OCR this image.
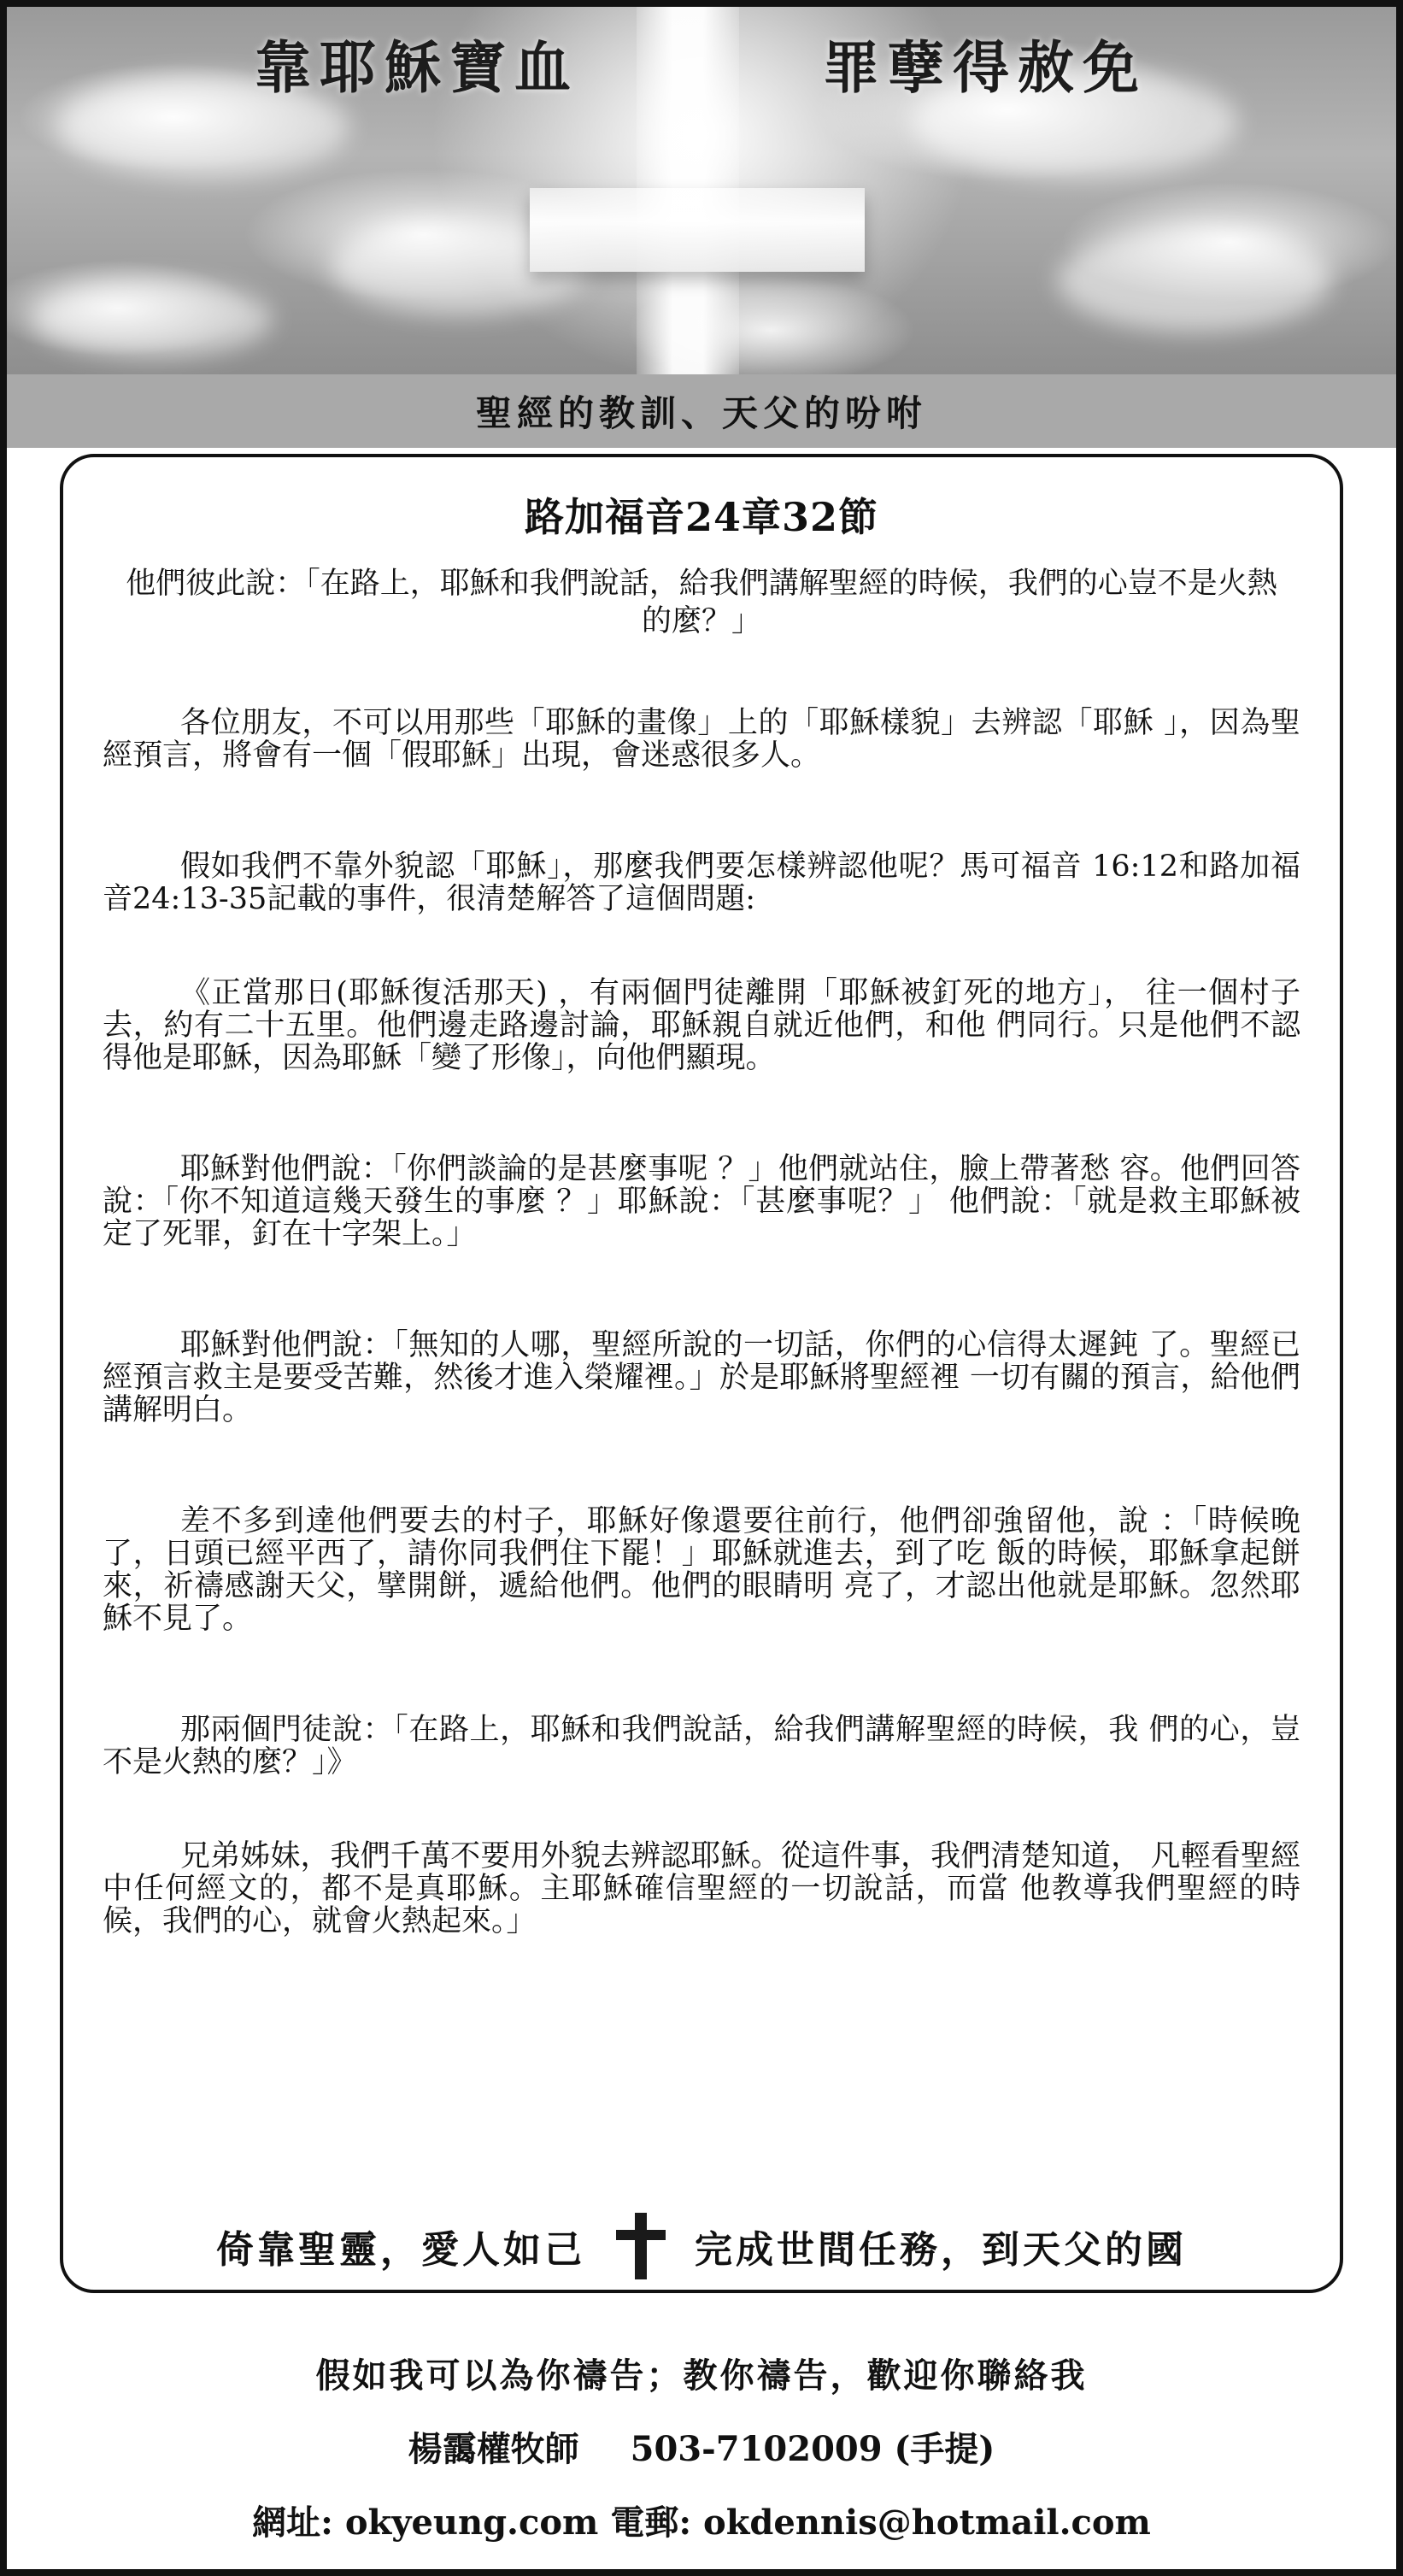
靠耶穌寶血	罪孽得赦免
聖經的教訓、天父的吩咐
路加福音24章32節
他們彼此說：「在路上，耶穌和我們說話，給我們講解聖經的時候，我們的心豈不是火熱的麼？」

各位朋友，不可以用那些「耶穌的畫像」上的「耶穌樣貌」去辨認「耶穌 」，因為聖經預言，將會有一個「假耶穌」出現，會迷惑很多人。

假如我們不靠外貌認「耶穌」，那麼我們要怎樣辨認他呢？馬可福音 16:12和路加福音24:13-35記載的事件，很清楚解答了這個問題:

《正當那日(耶穌復活那天) ，有兩個門徒離開「耶穌被釘死的地方」， 往一個村子去，約有二十五里。他們邊走路邊討論，耶穌親自就近他們，和他 們同行。只是他們不認得他是耶穌，因為耶穌「變了形像」，向他們顯現。

耶穌對他們說：「你們談論的是甚麼事呢 ？」他們就站住，臉上帶著愁 容。他們回答說：「你不知道這幾天發生的事麼 ？」耶穌說：「甚麼事呢？」 他們說：「就是救主耶穌被定了死罪，釘在十字架上。」

耶穌對他們說：「無知的人哪，聖經所說的一切話，你們的心信得太遲鈍 了。聖經已經預言救主是要受苦難，然後才進入榮耀裡。」於是耶穌將聖經裡 一切有關的預言，給他們講解明白。

差不多到達他們要去的村子，耶穌好像還要往前行，他們卻強留他，說 ：「時候晚了，日頭已經平西了，請你同我們住下罷！」耶穌就進去，到了吃 飯的時候，耶穌拿起餅來，祈禱感謝天父，擘開餅，遞給他們。他們的眼睛明 亮了，才認出他就是耶穌。忽然耶穌不見了。

那兩個門徒說：「在路上，耶穌和我們說話，給我們講解聖經的時候，我 們的心，豈不是火熱的麼？」》

兄弟姊妹，我們千萬不要用外貌去辨認耶穌。從這件事，我們清楚知道， 凡輕看聖經中任何經文的，都不是真耶穌。主耶穌確信聖經的一切說話，而當 他教導我們聖經的時候，我們的心，就會火熱起來。」

倚靠聖靈，愛人如己	完成世間任務，到天父的國
假如我可以為你禱告；教你禱告，歡迎你聯絡我
楊靄權牧師 503-7102009 (手提)
網址: okyeung.com 電郵: okdennis@hotmail.com
